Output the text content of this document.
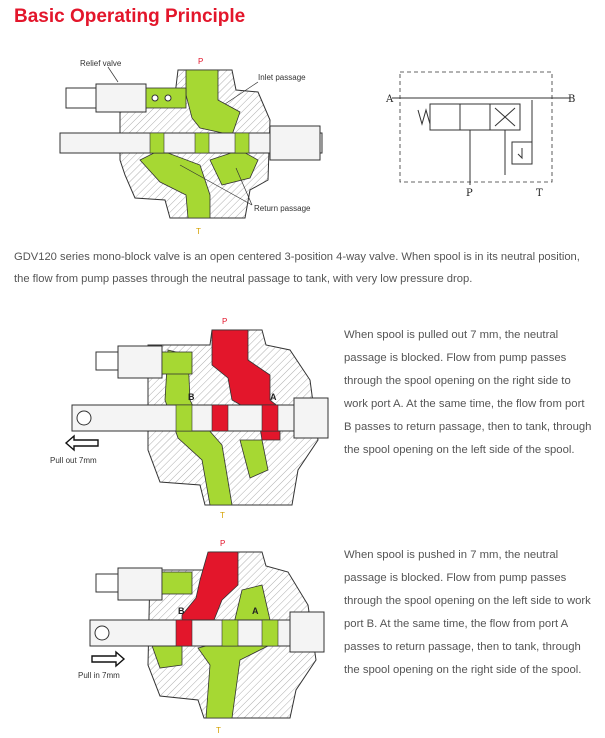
Basic Operating Principle
Relief valve
Inlet passage
Return passage
P
T
A	B
P	T
Pull out 7mm
P
T
B	A
Pull in 7mm
P
T
B	A
GDV120 series mono-block valve is an open centered 3-position 4-way valve. When spool is in its neutral position, the flow from pump passes through the neutral passage to tank, with very low pressure drop.
When spool is pulled out 7 mm, the neutral passage is blocked. Flow from pump passes through the spool opening on the right side to work port A. At the same time, the flow from port B passes to return passage, then to tank, through the spool opening on the left side of the spool.
When spool is pushed in 7 mm, the neutral passage is blocked. Flow from pump passes through the spool opening on the left side to work port B. At the same time, the flow from port A passes to return passage, then to tank, through the spool opening on the right side of the spool.
